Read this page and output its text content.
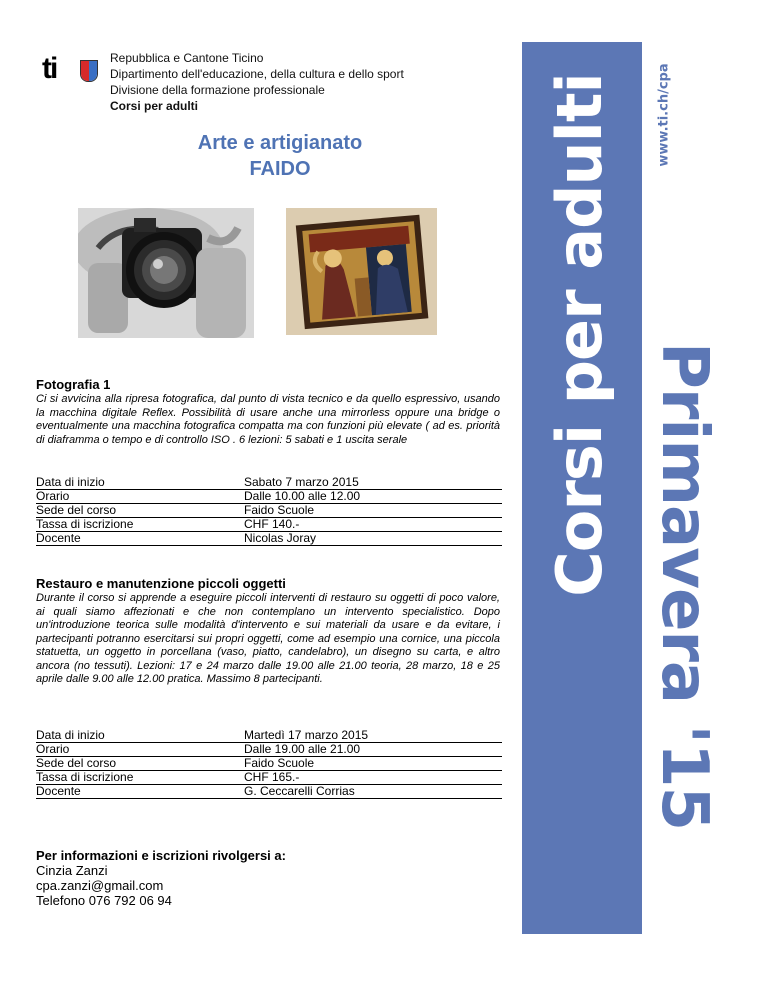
ti	Repubblica e Cantone Ticino
Dipartimento dell'educazione, della cultura e dello sport
Divisione della formazione professionale
Corsi per adulti
Arte e artigianato
FAIDO
Fotografia 1

Ci si avvicina alla ripresa fotografica, dal punto di vista tecnico e da quello espressivo, usando la macchina digitale Reflex. Possibilità di usare anche una mirrorless oppure una bridge o eventualmente una macchina fotografica compatta ma con funzioni più elevate ( ad es. priorità di diaframma o tempo e di controllo ISO . 6 lezioni: 5 sabati e 1 uscita serale

Data di inizio	Sabato 7 marzo 2015
Orario	Dalle 10.00 alle 12.00
Sede del corso	Faido Scuole
Tassa di iscrizione	CHF 140.-
Docente	Nicolas Joray
Restauro e manutenzione piccoli oggetti

Durante il corso si apprende a eseguire piccoli interventi di restauro su oggetti di poco valore, ai quali siamo affezionati e che non contemplano un intervento specialistico. Dopo un'introduzione teorica sulle modalità d'intervento e sui materiali da usare e da evitare, i partecipanti potranno esercitarsi sui propri oggetti, come ad esempio una cornice, una piccola statuetta, un oggetto in porcellana (vaso, piatto, candelabro), un disegno su carta, e altro ancora (no tessuti). Lezioni: 17 e 24 marzo dalle 19.00 alle 21.00 teoria, 28 marzo, 18 e 25 aprile dalle 9.00 alle 12.00 pratica. Massimo 8 partecipanti.

Data di inizio	Martedì 17 marzo 2015
Orario	Dalle 19.00 alle 21.00
Sede del corso	Faido Scuole
Tassa di iscrizione	CHF 165.-
Docente	G. Ceccarelli Corrias
Per informazioni e iscrizioni rivolgersi a:
Cinzia Zanzi
cpa.zanzi@gmail.com
Telefono 076 792 06 94
Corsi per adulti Primavera '15
www.ti.ch/cpa
